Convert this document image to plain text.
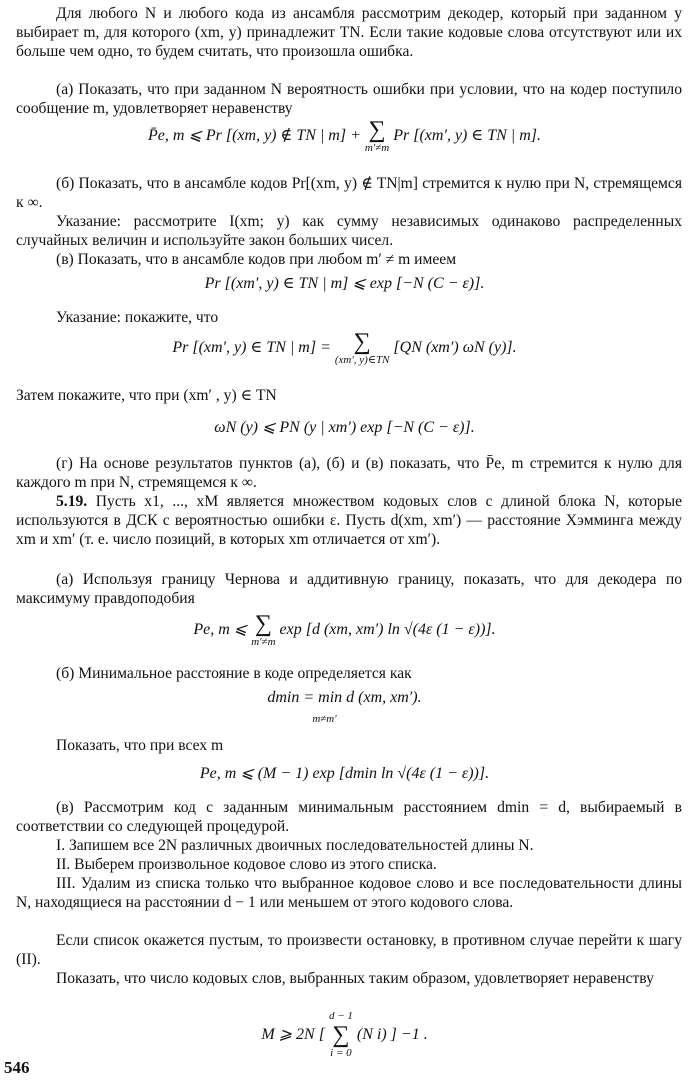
Для любого N и любого кода из ансамбля рассмотрим декодер, который при заданном y выбирает m, для которого (xm, y) принадлежит TN. Если такие кодовые слова отсутствуют или их больше чем одно, то будем считать, что произошла ошибка.

(а) Показать, что при заданном N вероятность ошибки при условии, что на кодер поступило сообщение m, удовлетворяет неравенству

P̄e, m ⩽ Pr [(xm, y) ∉ TN | m] + ∑
m′≠m
Pr [(xm′, y) ∈ TN | m].

(б) Показать, что в ансамбле кодов Pr[(xm, y) ∉ TN|m] стремится к нулю при N, стремящемся к ∞.

Указание: рассмотрите I(xm; y) как сумму независимых одинаково распределенных случайных величин и используйте закон больших чисел.

(в) Показать, что в ансамбле кодов при любом m′ ≠ m имеем

Pr [(xm′, y) ∈ TN | m] ⩽ exp [−N (C − ε)].

Указание: покажите, что

Pr [(xm′, y) ∈ TN | m] = ∑
(xm′, y)∈TN
[QN (xm′) ωN (y)].

Затем покажите, что при (xm′ , y) ∈ TN

ωN (y) ⩽ PN (y | xm′) exp [−N (C − ε)].

(г) На основе результатов пунктов (а), (б) и (в) показать, что P̄e, m стремится к нулю для каждого m при N, стремящемся к ∞.

5.19. Пусть x1, ..., xM является множеством кодовых слов с длиной блока N, которые используются в ДСК с вероятностью ошибки ε. Пусть d(xm, xm′) — расстояние Хэмминга между xm и xm′ (т. е. число позиций, в которых xm отличается от xm′).

(а) Используя границу Чернова и аддитивную границу, показать, что для декодера по максимуму правдоподобия

Pe, m ⩽ ∑
m′≠m
exp [d (xm, xm′) ln √(4ε (1 − ε))].

(б) Минимальное расстояние в коде определяется как

dmin = min d (xm, xm′).
m≠m′

Показать, что при всех m

Pe, m ⩽ (M − 1) exp [dmin ln √(4ε (1 − ε))].

(в) Рассмотрим код с заданным минимальным расстоянием dmin = d, выбираемый в соответствии со следующей процедурой.

I. Запишем все 2N различных двоичных последовательностей длины N.

II. Выберем произвольное кодовое слово из этого списка.

III. Удалим из списка только что выбранное кодовое слово и все последовательности длины N, находящиеся на расстоянии d − 1 или меньшем от этого кодового слова.

Если список окажется пустым, то произвести остановку, в противном случае перейти к шагу (II).

Показать, что число кодовых слов, выбранных таким образом, удовлетворяет неравенству

M ⩾ 2N [
d − 1
∑
i = 0
(N i) ] −1 .
546
